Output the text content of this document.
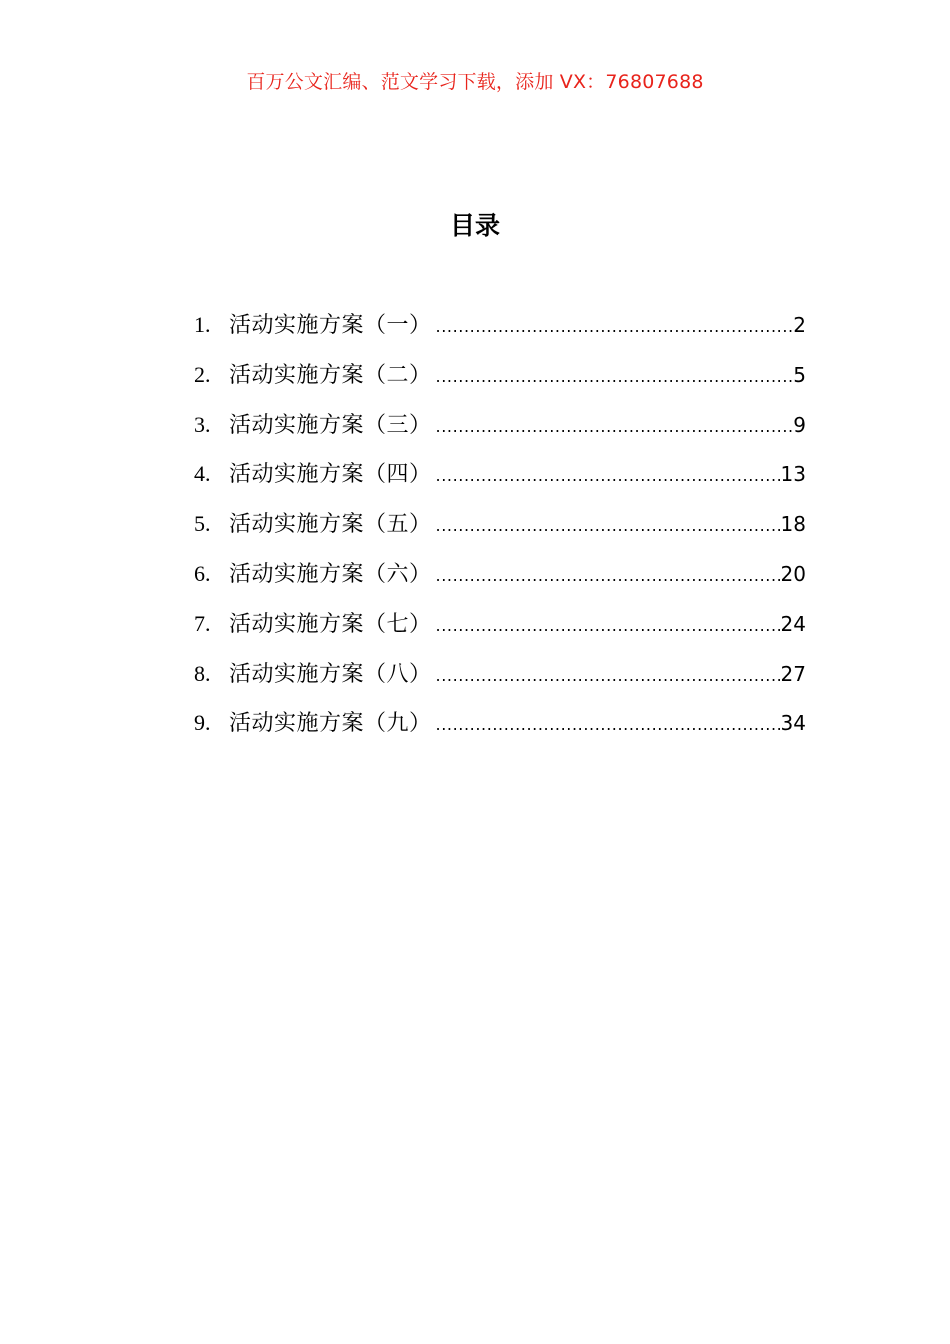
百万公文汇编、范文学习下载，添加 VX：76807688
目录
1. 活动实施方案（一） .....	2
2. 活动实施方案（二） .....	5
3. 活动实施方案（三） .....	9
4. 活动实施方案（四） .....	13
5. 活动实施方案（五） .....	18
6. 活动实施方案（六） .....	20
7. 活动实施方案（七） .....	24
8. 活动实施方案（八） .....	27
9. 活动实施方案（九） .....	34
